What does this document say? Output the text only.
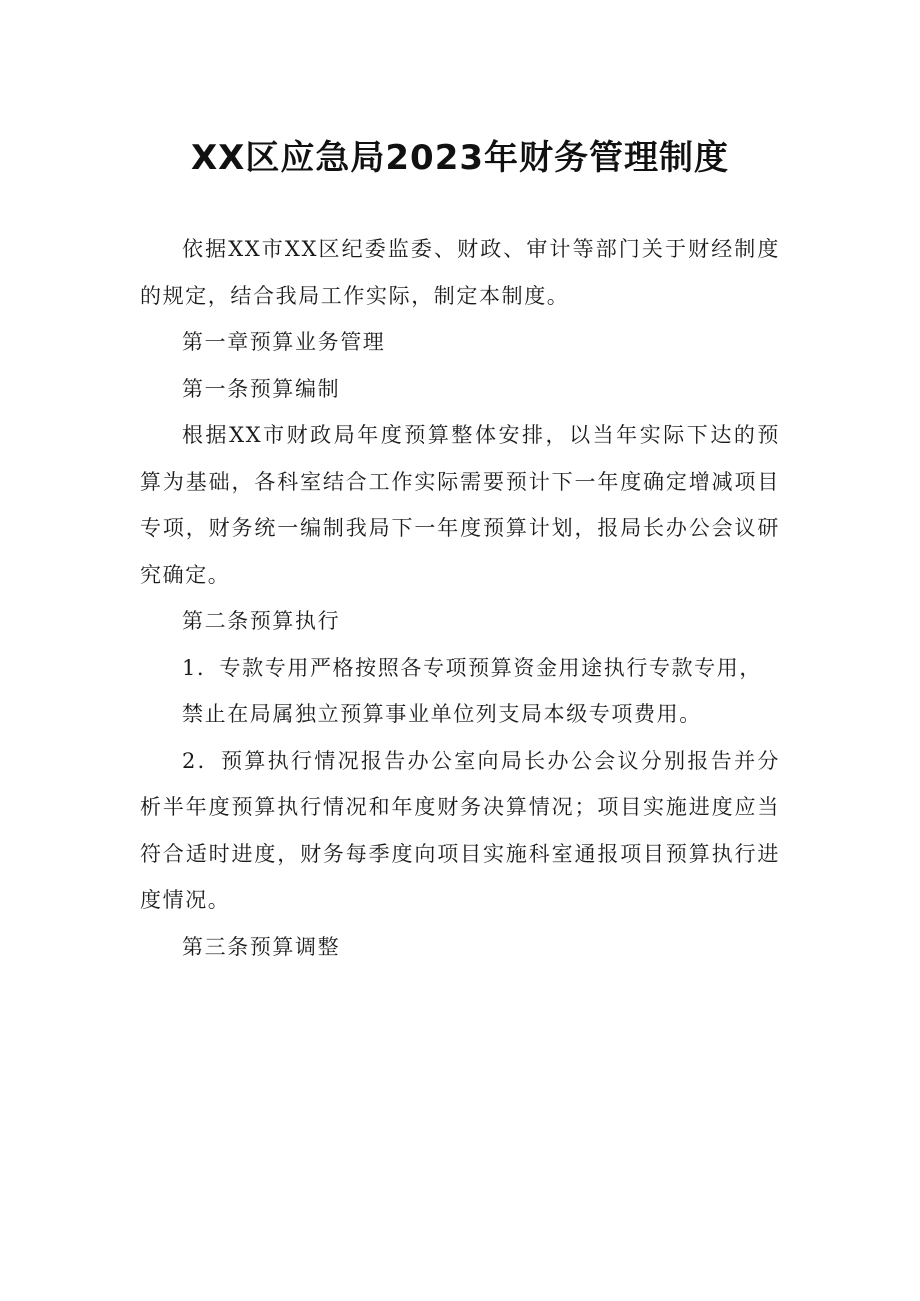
XX区应急局2023年财务管理制度

依据XX市XX区纪委监委、财政、审计等部门关于财经制度的规定，结合我局工作实际，制定本制度。

第一章预算业务管理

第一条预算编制

根据XX市财政局年度预算整体安排，以当年实际下达的预算为基础，各科室结合工作实际需要预计下一年度确定增减项目专项，财务统一编制我局下一年度预算计划，报局长办公会议研究确定。

第二条预算执行

1．专款专用严格按照各专项预算资金用途执行专款专用，

禁止在局属独立预算事业单位列支局本级专项费用。

2．预算执行情况报告办公室向局长办公会议分别报告并分析半年度预算执行情况和年度财务决算情况；项目实施进度应当符合适时进度，财务每季度向项目实施科室通报项目预算执行进度情况。

第三条预算调整
